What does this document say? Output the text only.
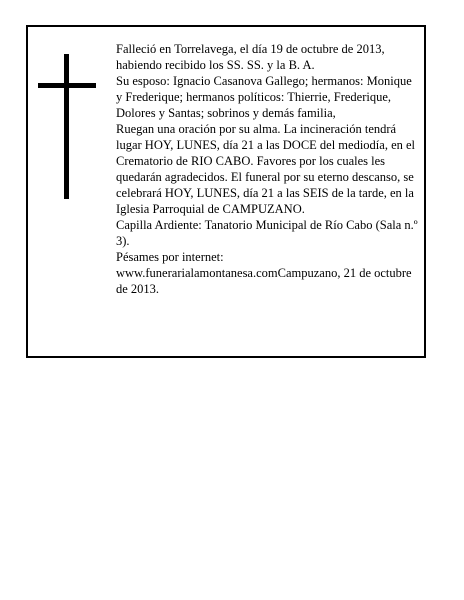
Falleció en Torrelavega, el día 19 de octubre de 2013, habiendo recibido los SS. SS. y la B. A.
Su esposo: Ignacio Casanova Gallego; hermanos: Monique y Frederique; hermanos políticos: Thierrie, Frederique, Dolores y Santas; sobrinos y demás familia,
Ruegan una oración por su alma. La incineración tendrá lugar HOY, LUNES, día 21 a las DOCE del mediodía, en el Crematorio de RIO CABO. Favores por los cuales les quedarán agradecidos. El funeral por su eterno descanso, se celebrará HOY, LUNES, día 21 a las SEIS de la tarde, en la Iglesia Parroquial de CAMPUZANO.
Capilla Ardiente: Tanatorio Municipal de Río Cabo (Sala n.º 3).
Pésames por internet:
www.funerarialamontanesa.comCampuzano, 21 de octubre de 2013.
